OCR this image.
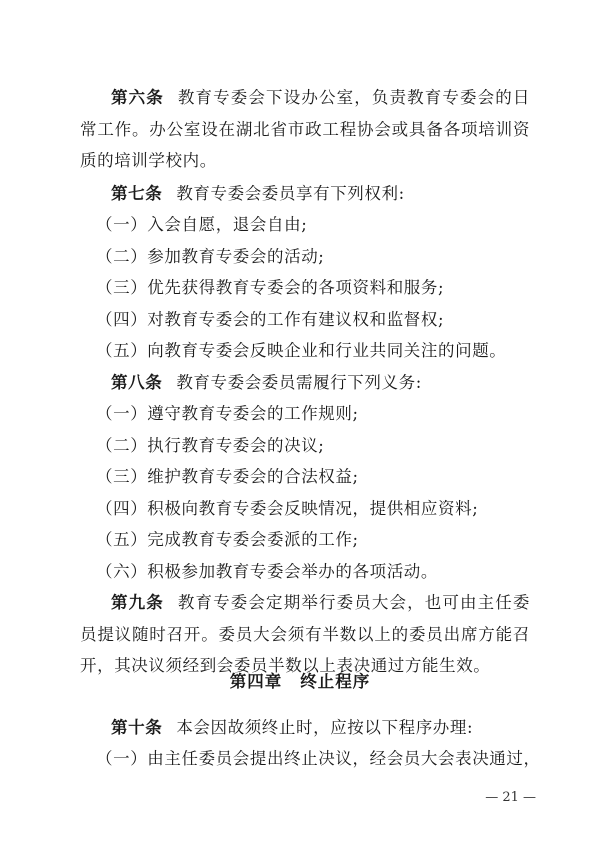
第六条 教育专委会下设办公室，负责教育专委会的日常工作。办公室设在湖北省市政工程协会或具备各项培训资质的培训学校内。

第七条 教育专委会委员享有下列权利:

（一）入会自愿，退会自由;

（二）参加教育专委会的活动;

（三）优先获得教育专委会的各项资料和服务;

（四）对教育专委会的工作有建议权和监督权;

（五）向教育专委会反映企业和行业共同关注的问题。

第八条 教育专委会委员需履行下列义务:

（一）遵守教育专委会的工作规则;

（二）执行教育专委会的决议;

（三）维护教育专委会的合法权益;

（四）积极向教育专委会反映情况，提供相应资料;

（五）完成教育专委会委派的工作;

（六）积极参加教育专委会举办的各项活动。

第九条 教育专委会定期举行委员大会，也可由主任委员提议随时召开。委员大会须有半数以上的委员出席方能召开，其决议须经到会委员半数以上表决通过方能生效。

第四章 终止程序

第十条 本会因故须终止时，应按以下程序办理:

（一）由主任委员会提出终止决议，经会员大会表决通过，

— 21 —
